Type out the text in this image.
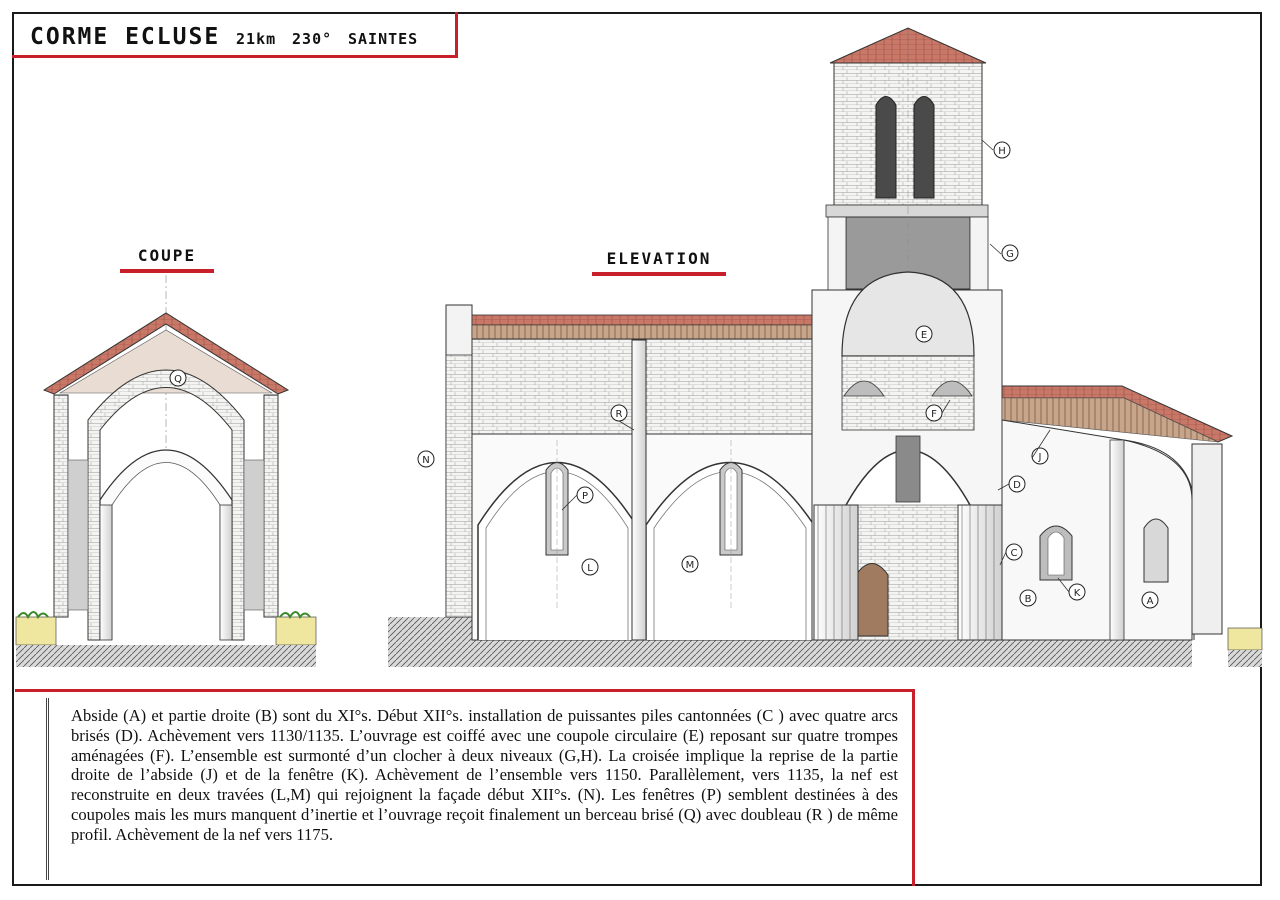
CORME ECLUSE 21km 230° SAINTES
COUPE	ELEVATION
A
B
C
D
E
F
G
H
J
K
L	M
N
P
Q
R

Abside (A) et partie droite (B) sont du XI°s. Début XII°s. installation de puissantes piles cantonnées (C ) avec quatre arcs brisés (D). Achèvement vers 1130/1135. L’ouvrage est coiffé avec une coupole circulaire (E) reposant sur quatre trompes aménagées (F). L’ensemble est surmonté d’un clocher à deux niveaux (G,H). La croisée implique la reprise de la partie droite de l’abside (J) et de la fenêtre (K). Achèvement de l’ensemble vers 1150. Parallèlement, vers 1135, la nef est reconstruite en deux travées (L,M) qui rejoignent la façade début XII°s. (N). Les fenêtres (P) semblent destinées à des coupoles mais les murs manquent d’inertie et l’ouvrage reçoit finalement un berceau brisé (Q) avec doubleau (R ) de même profil. Achèvement de la nef vers 1175.
